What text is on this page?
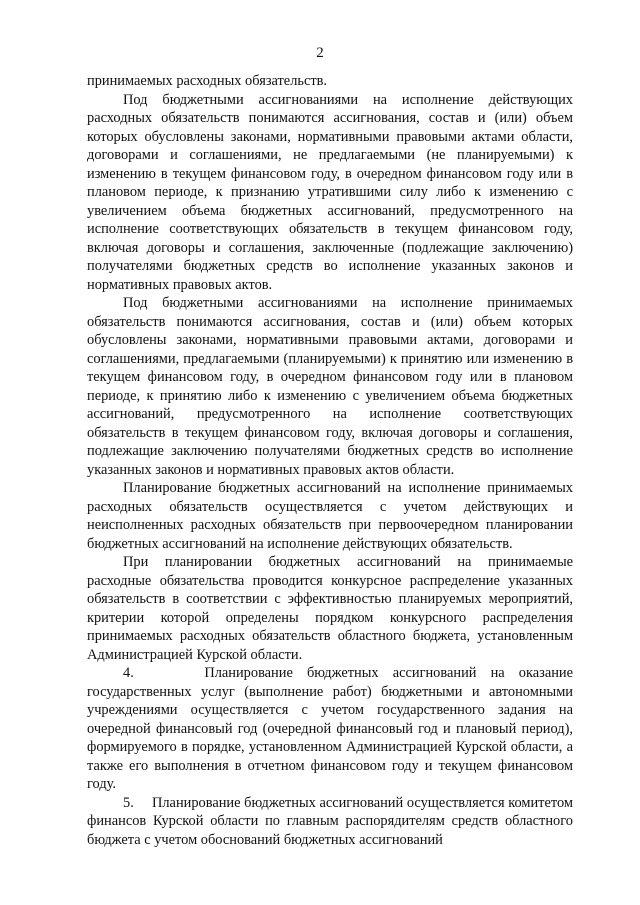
2

принимаемых расходных обязательств.

Под бюджетными ассигнованиями на исполнение действующих расходных обязательств понимаются ассигнования, состав и (или) объем которых обусловлены законами, нормативными правовыми актами области, договорами и соглашениями, не предлагаемыми (не планируемыми) к изменению в текущем финансовом году, в очередном финансовом году или в плановом периоде, к признанию утратившими силу либо к изменению с увеличением объема бюджетных ассигнований, предусмотренного на исполнение соответствующих обязательств в текущем финансовом году, включая договоры и соглашения, заключенные (подлежащие заключению) получателями бюджетных средств во исполнение указанных законов и нормативных правовых актов.

Под бюджетными ассигнованиями на исполнение принимаемых обязательств понимаются ассигнования, состав и (или) объем которых обусловлены законами, нормативными правовыми актами, договорами и соглашениями, предлагаемыми (планируемыми) к принятию или изменению в текущем финансовом году, в очередном финансовом году или в плановом периоде, к принятию либо к изменению с увеличением объема бюджетных ассигнований, предусмотренного на исполнение соответствующих обязательств в текущем финансовом году, включая договоры и соглашения, подлежащие заключению получателями бюджетных средств во исполнение указанных законов и нормативных правовых актов области.

Планирование бюджетных ассигнований на исполнение принимаемых расходных обязательств осуществляется с учетом действующих и неисполненных расходных обязательств при первоочередном планировании бюджетных ассигнований на исполнение действующих обязательств.

При планировании бюджетных ассигнований на принимаемые расходные обязательства проводится конкурсное распределение указанных обязательств в соответствии с эффективностью планируемых мероприятий, критерии которой определены порядком конкурсного распределения принимаемых расходных обязательств областного бюджета, установленным Администрацией Курской области.

4.     Планирование бюджетных ассигнований на оказание государственных услуг (выполнение работ) бюджетными и автономными учреждениями осуществляется с учетом государственного задания на очередной финансовый год (очередной финансовый год и плановый период), формируемого в порядке, установленном Администрацией Курской области, а также его выполнения в отчетном финансовом году и текущем финансовом году.

5.     Планирование бюджетных ассигнований осуществляется комитетом финансов Курской области по главным распорядителям средств областного бюджета с учетом обоснований бюджетных ассигнований
